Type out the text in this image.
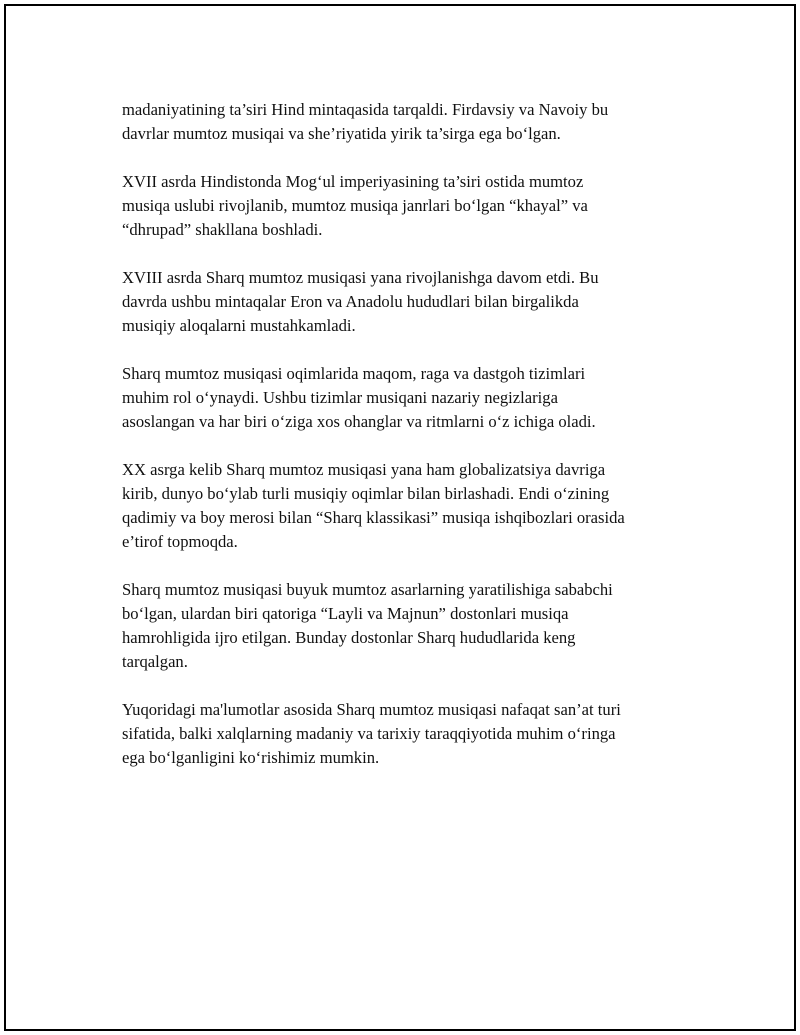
madaniyatining ta’siri Hind mintaqasida tarqaldi. Firdavsiy va Navoiy bu
davrlar mumtoz musiqai va she’riyatida yirik ta’sirga ega bo‘lgan.

XVII asrda Hindistonda Mog‘ul imperiyasining ta’siri ostida mumtoz
musiqa uslubi rivojlanib, mumtoz musiqa janrlari bo‘lgan “khayal” va
“dhrupad” shakllana boshladi.

XVIII asrda Sharq mumtoz musiqasi yana rivojlanishga davom etdi. Bu
davrda ushbu mintaqalar Eron va Anadolu hududlari bilan birgalikda
musiqiy aloqalarni mustahkamladi.

Sharq mumtoz musiqasi oqimlarida maqom, raga va dastgoh tizimlari
muhim rol o‘ynaydi. Ushbu tizimlar musiqani nazariy negizlariga
asoslangan va har biri o‘ziga xos ohanglar va ritmlarni o‘z ichiga oladi.

XX asrga kelib Sharq mumtoz musiqasi yana ham globalizatsiya davriga
kirib, dunyo bo‘ylab turli musiqiy oqimlar bilan birlashadi. Endi o‘zining
qadimiy va boy merosi bilan “Sharq klassikasi” musiqa ishqibozlari orasida
e’tirof topmoqda.

Sharq mumtoz musiqasi buyuk mumtoz asarlarning yaratilishiga sababchi
bo‘lgan, ulardan biri qatoriga “Layli va Majnun” dostonlari musiqa
hamrohligida ijro etilgan. Bunday dostonlar Sharq hududlarida keng
tarqalgan.

Yuqoridagi ma'lumotlar asosida Sharq mumtoz musiqasi nafaqat san’at turi
sifatida, balki xalqlarning madaniy va tarixiy taraqqiyotida muhim o‘ringa
ega bo‘lganligini ko‘rishimiz mumkin.
